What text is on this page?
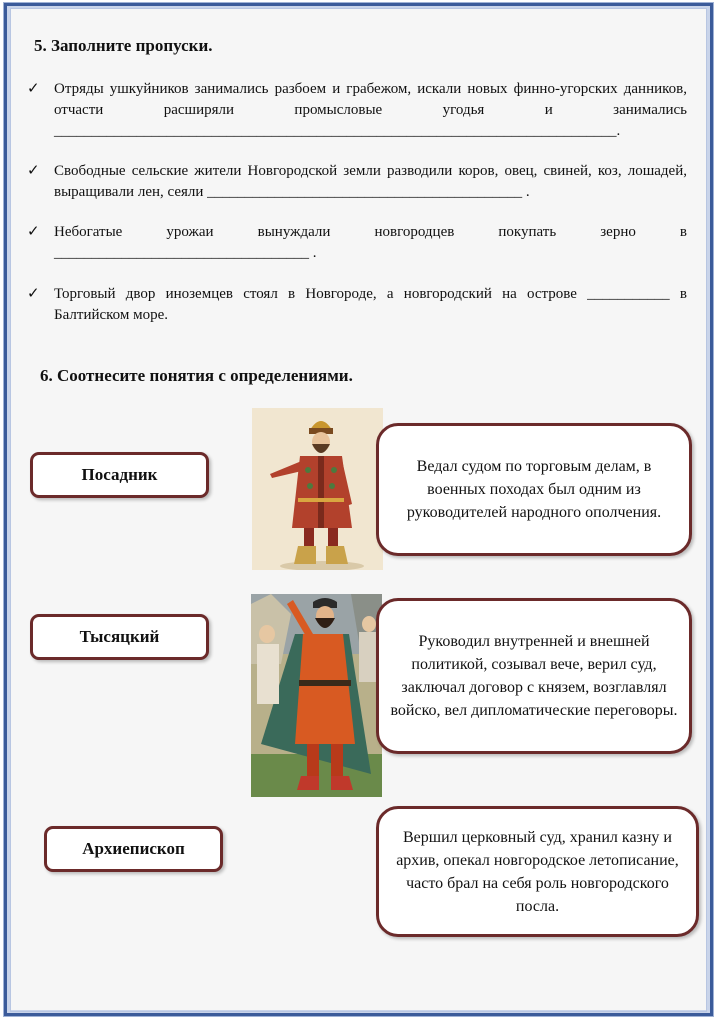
5. Заполните пропуски.
✓ Отряды ушкуйников занимались разбоем и грабежом, искали новых финно-угорских данников, отчасти расширяли промысловые угодья и занимались ___________________________________________________________________________.
✓ Свободные сельские жители Новгородской земли разводили коров, овец, свиней, коз, лошадей, выращивали лен, сеяли __________________________________________ .
✓ Небогатые урожаи вынуждали новгородцев покупать зерно в __________________________________ .
✓ Торговый двор иноземцев стоял в Новгороде, а новгородский на острове ___________ в Балтийском море.
6. Соотнесите понятия с определениями.
Посадник
Тысяцкий
Архиепископ
Ведал судом по торговым делам, в военных походах был одним из руководителей народного ополчения.
Руководил внутренней и внешней политикой, созывал вече, верил суд, заключал договор с князем, возглавлял войско, вел дипломатические переговоры.
Вершил церковный суд, хранил казну и архив, опекал новгородское летописание, часто брал на себя роль новгородского посла.
